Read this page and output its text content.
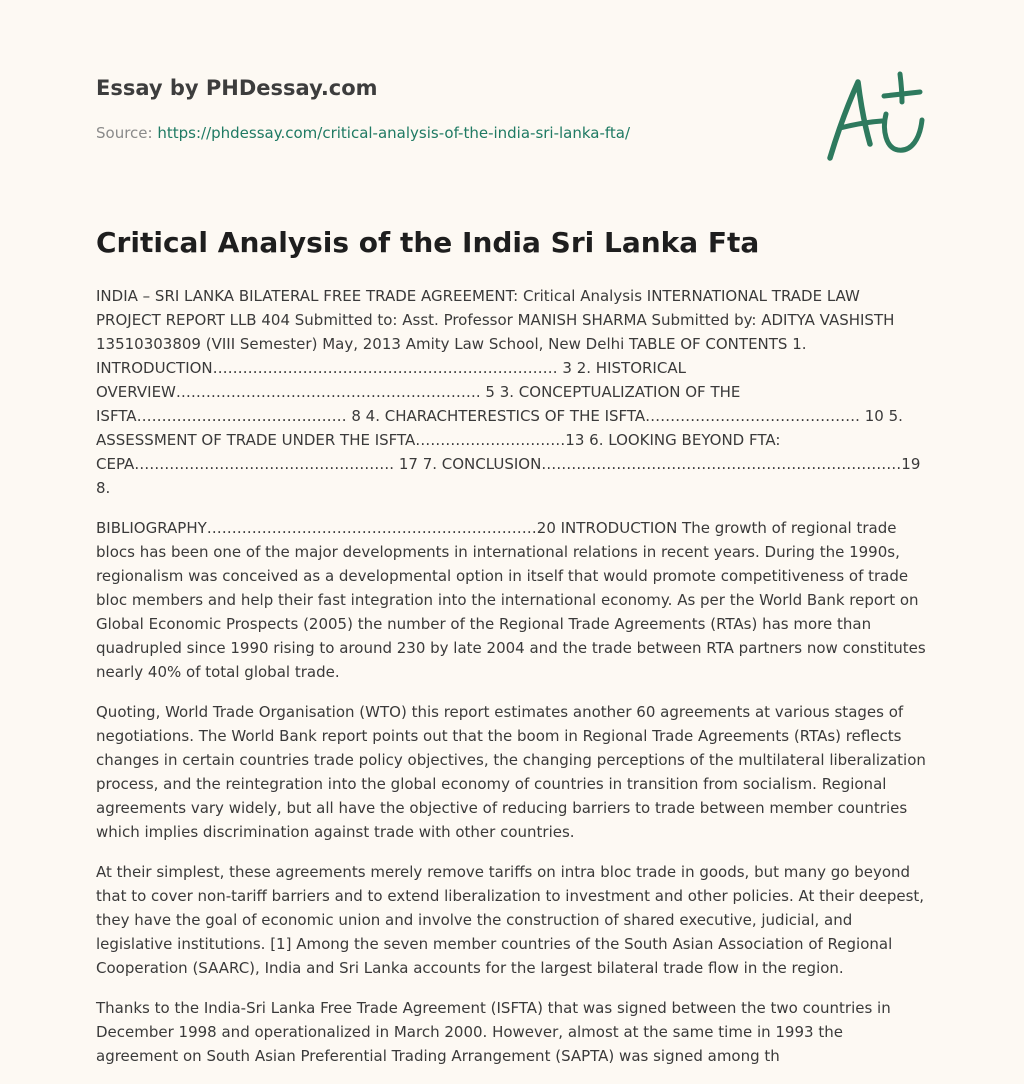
Essay by PHDessay.com
Source: https://phdessay.com/critical-analysis-of-the-india-sri-lanka-fta/
Critical Analysis of the India Sri Lanka Fta

INDIA – SRI LANKA BILATERAL FREE TRADE AGREEMENT: Critical Analysis INTERNATIONAL TRADE LAW PROJECT REPORT LLB 404 Submitted to: Asst. Professor MANISH SHARMA Submitted by: ADITYA VASHISTH 13510303809 (VIII Semester) May, 2013 Amity Law School, New Delhi TABLE OF CONTENTS 1. INTRODUCTION…………………………………………………………… 3 2. HISTORICAL OVERVIEW……………………………………………………. 5 3. CONCEPTUALIZATION OF THE ISFTA…………………………………… 8 4. CHARACHTERESTICS OF THE ISFTA……………………………………. 10 5. ASSESSMENT OF TRADE UNDER THE ISFTA…………………………13 6. LOOKING BEYOND FTA: CEPA……………………………………………. 17 7. CONCLUSION………………………………………………………………19 8.

BIBLIOGRAPHY…………………………………………………………20 INTRODUCTION The growth of regional trade blocs has been one of the major developments in international relations in recent years. During the 1990s, regionalism was conceived as a developmental option in itself that would promote competitiveness of trade bloc members and help their fast integration into the international economy. As per the World Bank report on Global Economic Prospects (2005) the number of the Regional Trade Agreements (RTAs) has more than quadrupled since 1990 rising to around 230 by late 2004 and the trade between RTA partners now constitutes nearly 40% of total global trade.

Quoting, World Trade Organisation (WTO) this report estimates another 60 agreements at various stages of negotiations. The World Bank report points out that the boom in Regional Trade Agreements (RTAs) reflects changes in certain countries trade policy objectives, the changing perceptions of the multilateral liberalization process, and the reintegration into the global economy of countries in transition from socialism. Regional agreements vary widely, but all have the objective of reducing barriers to trade between member countries which implies discrimination against trade with other countries.

At their simplest, these agreements merely remove tariffs on intra bloc trade in goods, but many go beyond that to cover non-tariff barriers and to extend liberalization to investment and other policies. At their deepest, they have the goal of economic union and involve the construction of shared executive, judicial, and legislative institutions. [1] Among the seven member countries of the South Asian Association of Regional Cooperation (SAARC), India and Sri Lanka accounts for the largest bilateral trade flow in the region.

Thanks to the India-Sri Lanka Free Trade Agreement (ISFTA) that was signed between the two countries in December 1998 and operationalized in March 2000. However, almost at the same time in 1993 the agreement on South Asian Preferential Trading Arrangement (SAPTA) was signed among th
